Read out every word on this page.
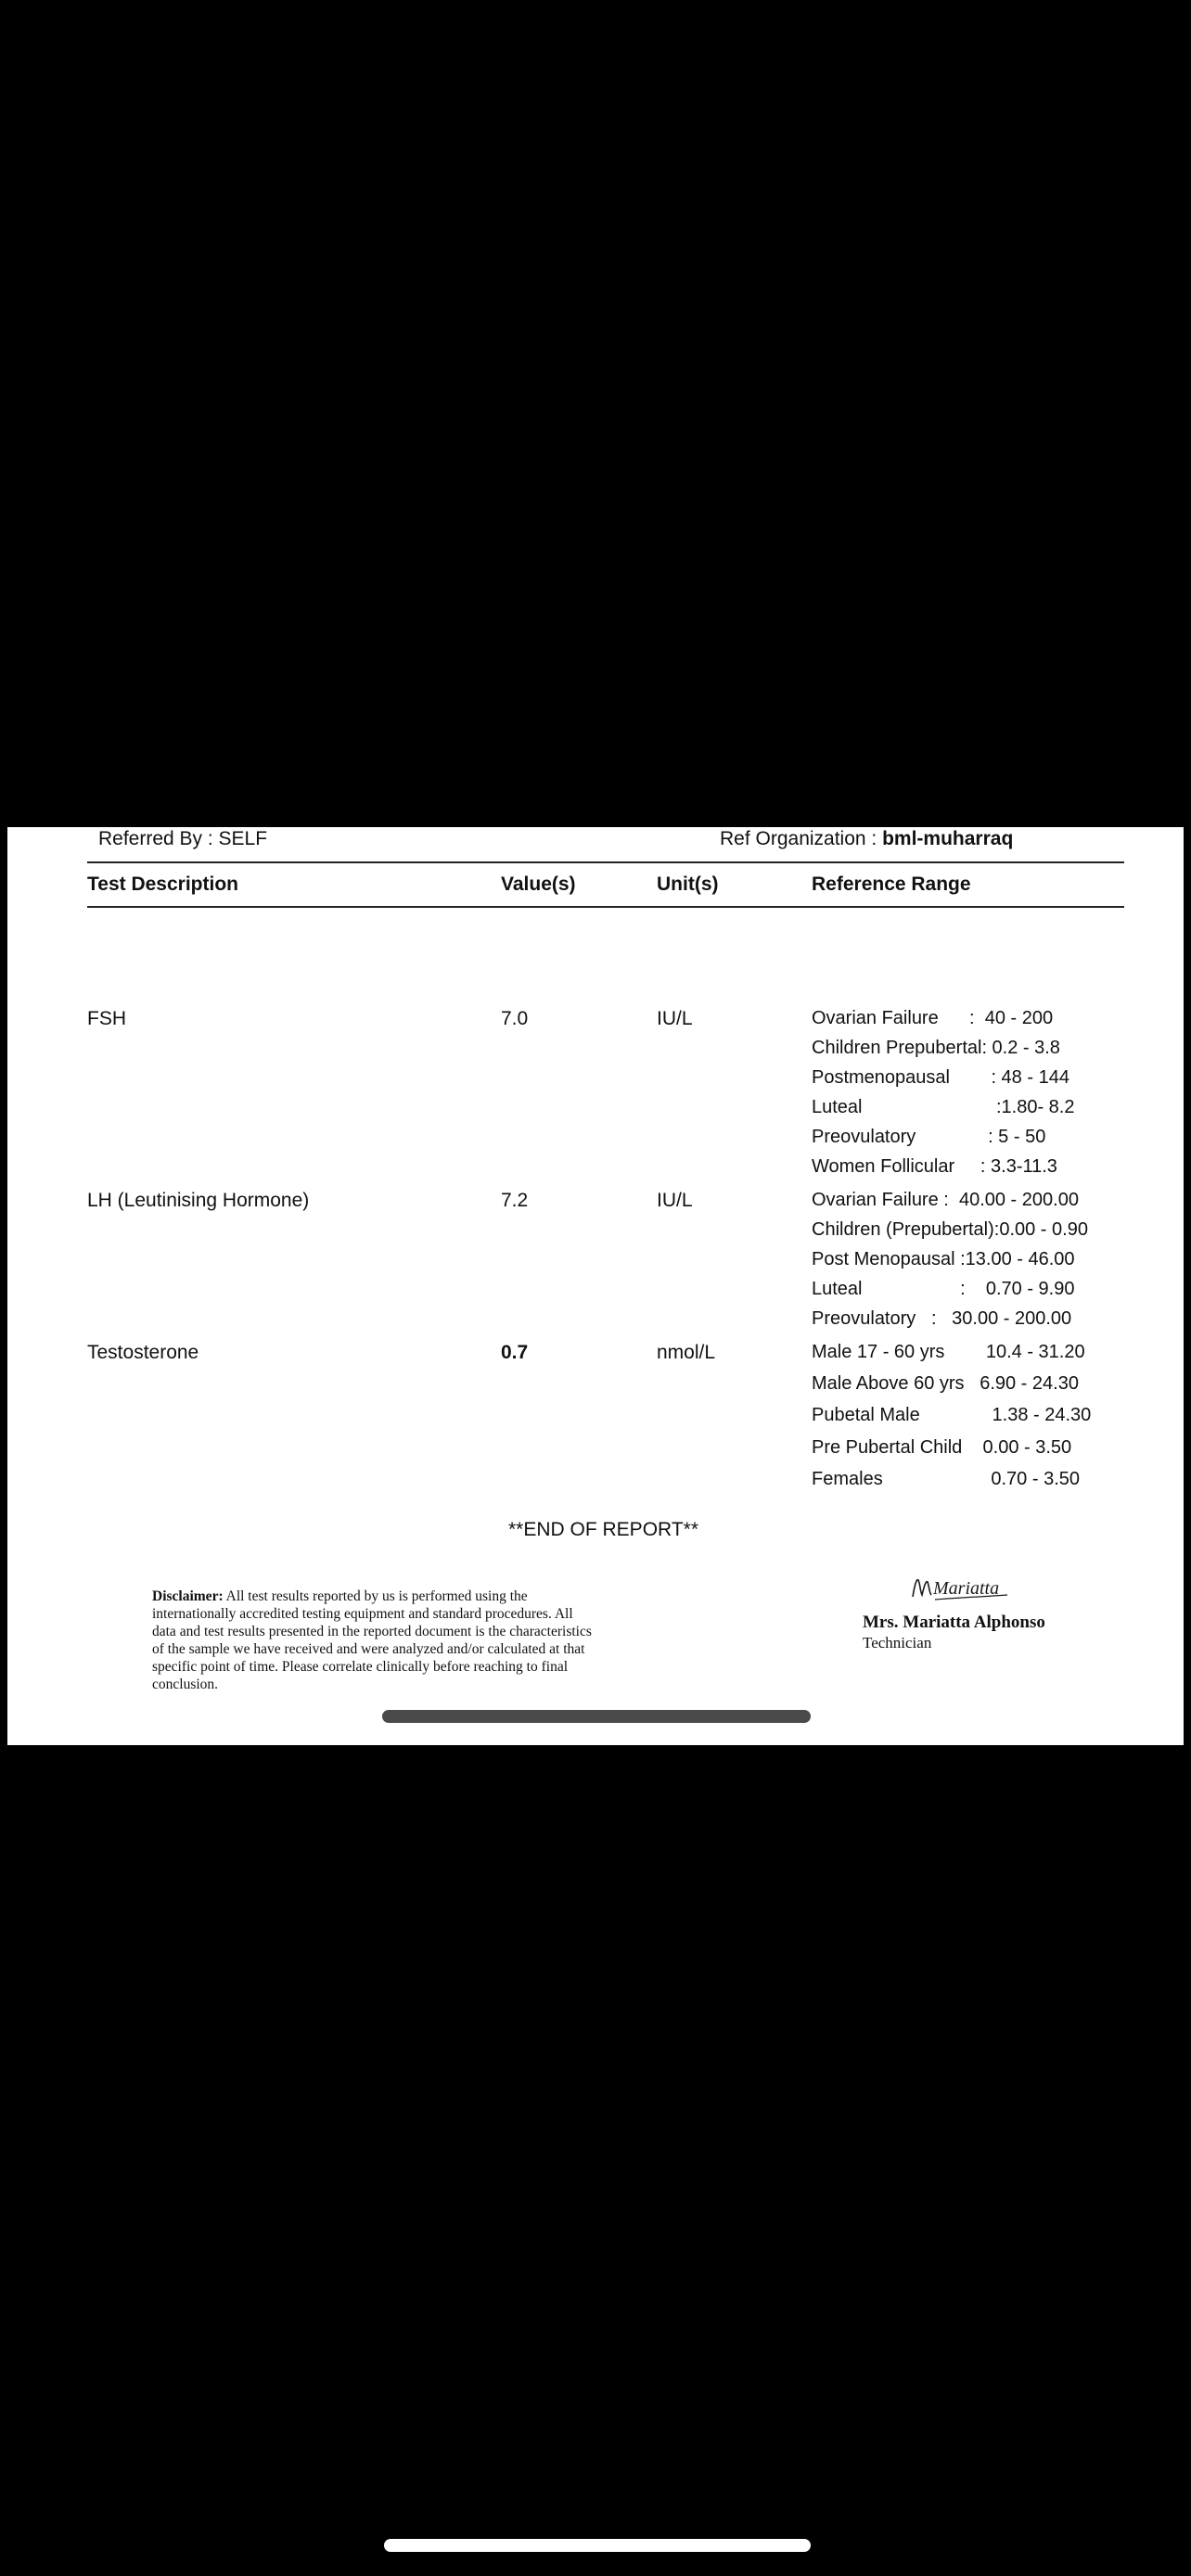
Referred By : SELF	Ref Organization : bml-muharraq
Test Description	Value(s)	Unit(s)	Reference Range
FSH	7.0	IU/L	Ovarian Failure      :  40 - 200
Children Prepubertal: 0.2 - 3.8
Postmenopausal        : 48 - 144
Luteal                          :1.80- 8.2
Preovulatory              : 5 - 50
Women Follicular     : 3.3-11.3
LH (Leutinising Hormone)	7.2	IU/L	Ovarian Failure :  40.00 - 200.00
Children (Prepubertal):0.00 - 0.90
Post Menopausal :13.00 - 46.00
Luteal                   :    0.70 - 9.90
Preovulatory   :   30.00 - 200.00
Testosterone	0.7	nmol/L	Male 17 - 60 yrs        10.4 - 31.20
Male Above 60 yrs   6.90 - 24.30
Pubetal Male              1.38 - 24.30
Pre Pubertal Child    0.00 - 3.50
Females                     0.70 - 3.50
**END OF REPORT**
Disclaimer: All test results reported by us is performed using the internationally accredited testing equipment and standard procedures. All data and test results presented in the reported document is the characteristics of the sample we have received and were analyzed and/or calculated at that specific point of time. Please correlate clinically before reaching to final conclusion.
Mariatta
Mrs. Mariatta Alphonso
Technician
